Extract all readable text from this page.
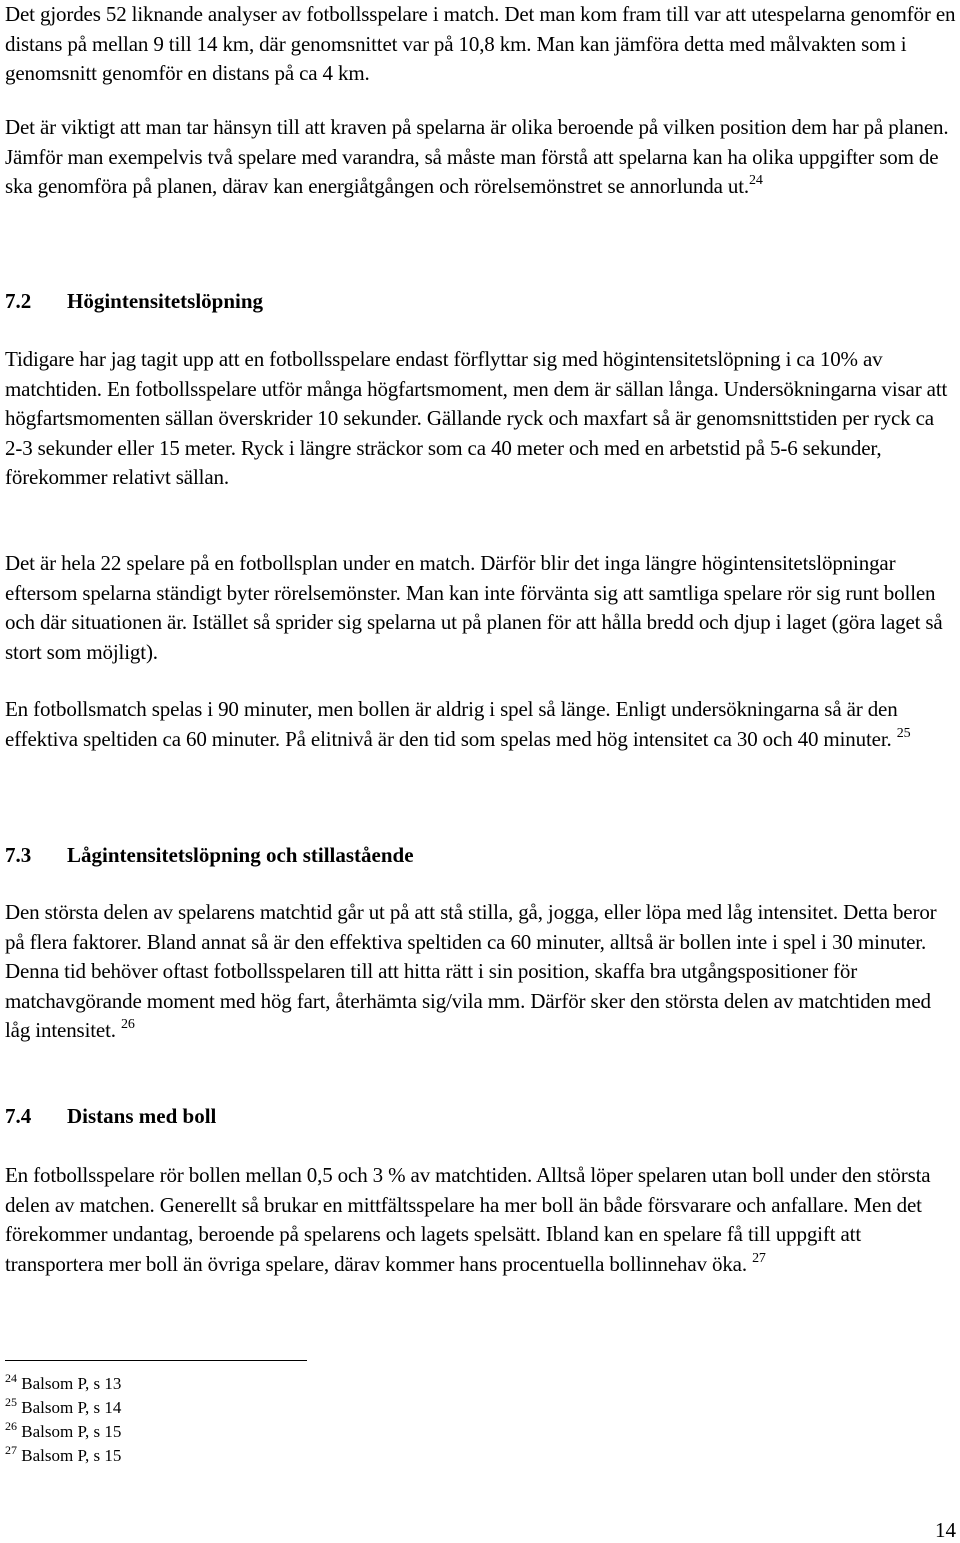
Det gjordes 52 liknande analyser av fotbollsspelare i match. Det man kom fram till var att utespelarna genomför en distans på mellan 9 till 14 km, där genomsnittet var på 10,8 km. Man kan jämföra detta med målvakten som i genomsnitt genomför en distans på ca 4 km.

Det är viktigt att man tar hänsyn till att kraven på spelarna är olika beroende på vilken position dem har på planen. Jämför man exempelvis två spelare med varandra, så måste man förstå att spelarna kan ha olika uppgifter som de ska genomföra på planen, därav kan energiåtgången och rörelsemönstret se annorlunda ut.$^{24}$

7.2 Högintensitetslöpning

Tidigare har jag tagit upp att en fotbollsspelare endast förflyttar sig med högintensitetslöpning i ca 10% av matchtiden. En fotbollsspelare utför många högfartsmoment, men dem är sällan långa. Undersökningarna visar att högfartsmomenten sällan överskrider 10 sekunder. Gällande ryck och maxfart så är genomsnittstiden per ryck ca 2-3 sekunder eller 15 meter. Ryck i längre sträckor som ca 40 meter och med en arbetstid på 5-6 sekunder, förekommer relativt sällan.

Det är hela 22 spelare på en fotbollsplan under en match. Därför blir det inga längre högintensitetslöpningar eftersom spelarna ständigt byter rörelsemönster. Man kan inte förvänta sig att samtliga spelare rör sig runt bollen och där situationen är. Istället så sprider sig spelarna ut på planen för att hålla bredd och djup i laget (göra laget så stort som möjligt).

En fotbollsmatch spelas i 90 minuter, men bollen är aldrig i spel så länge. Enligt undersökningarna så är den effektiva speltiden ca 60 minuter. På elitnivå är den tid som spelas med hög intensitet ca 30 och 40 minuter. $^{25}$

7.3 Lågintensitetslöpning och stillastående

Den största delen av spelarens matchtid går ut på att stå stilla, gå, jogga, eller löpa med låg intensitet. Detta beror på flera faktorer. Bland annat så är den effektiva speltiden ca 60 minuter, alltså är bollen inte i spel i 30 minuter. Denna tid behöver oftast fotbollsspelaren till att hitta rätt i sin position, skaffa bra utgångspositioner för matchavgörande moment med hög fart, återhämta sig/vila mm. Därför sker den största delen av matchtiden med låg intensitet. $^{26}$

7.4 Distans med boll

En fotbollsspelare rör bollen mellan 0,5 och 3 % av matchtiden. Alltså löper spelaren utan boll under den största delen av matchen. Generellt så brukar en mittfältsspelare ha mer boll än både försvarare och anfallare. Men det förekommer undantag, beroende på spelarens och lagets spelsätt. Ibland kan en spelare få till uppgift att transportera mer boll än övriga spelare, därav kommer hans procentuella bollinnehav öka. $^{27}$

$^{24}$ Balsom P, s 13
$^{25}$ Balsom P, s 14
$^{26}$ Balsom P, s 15
$^{27}$ Balsom P, s 15
14
